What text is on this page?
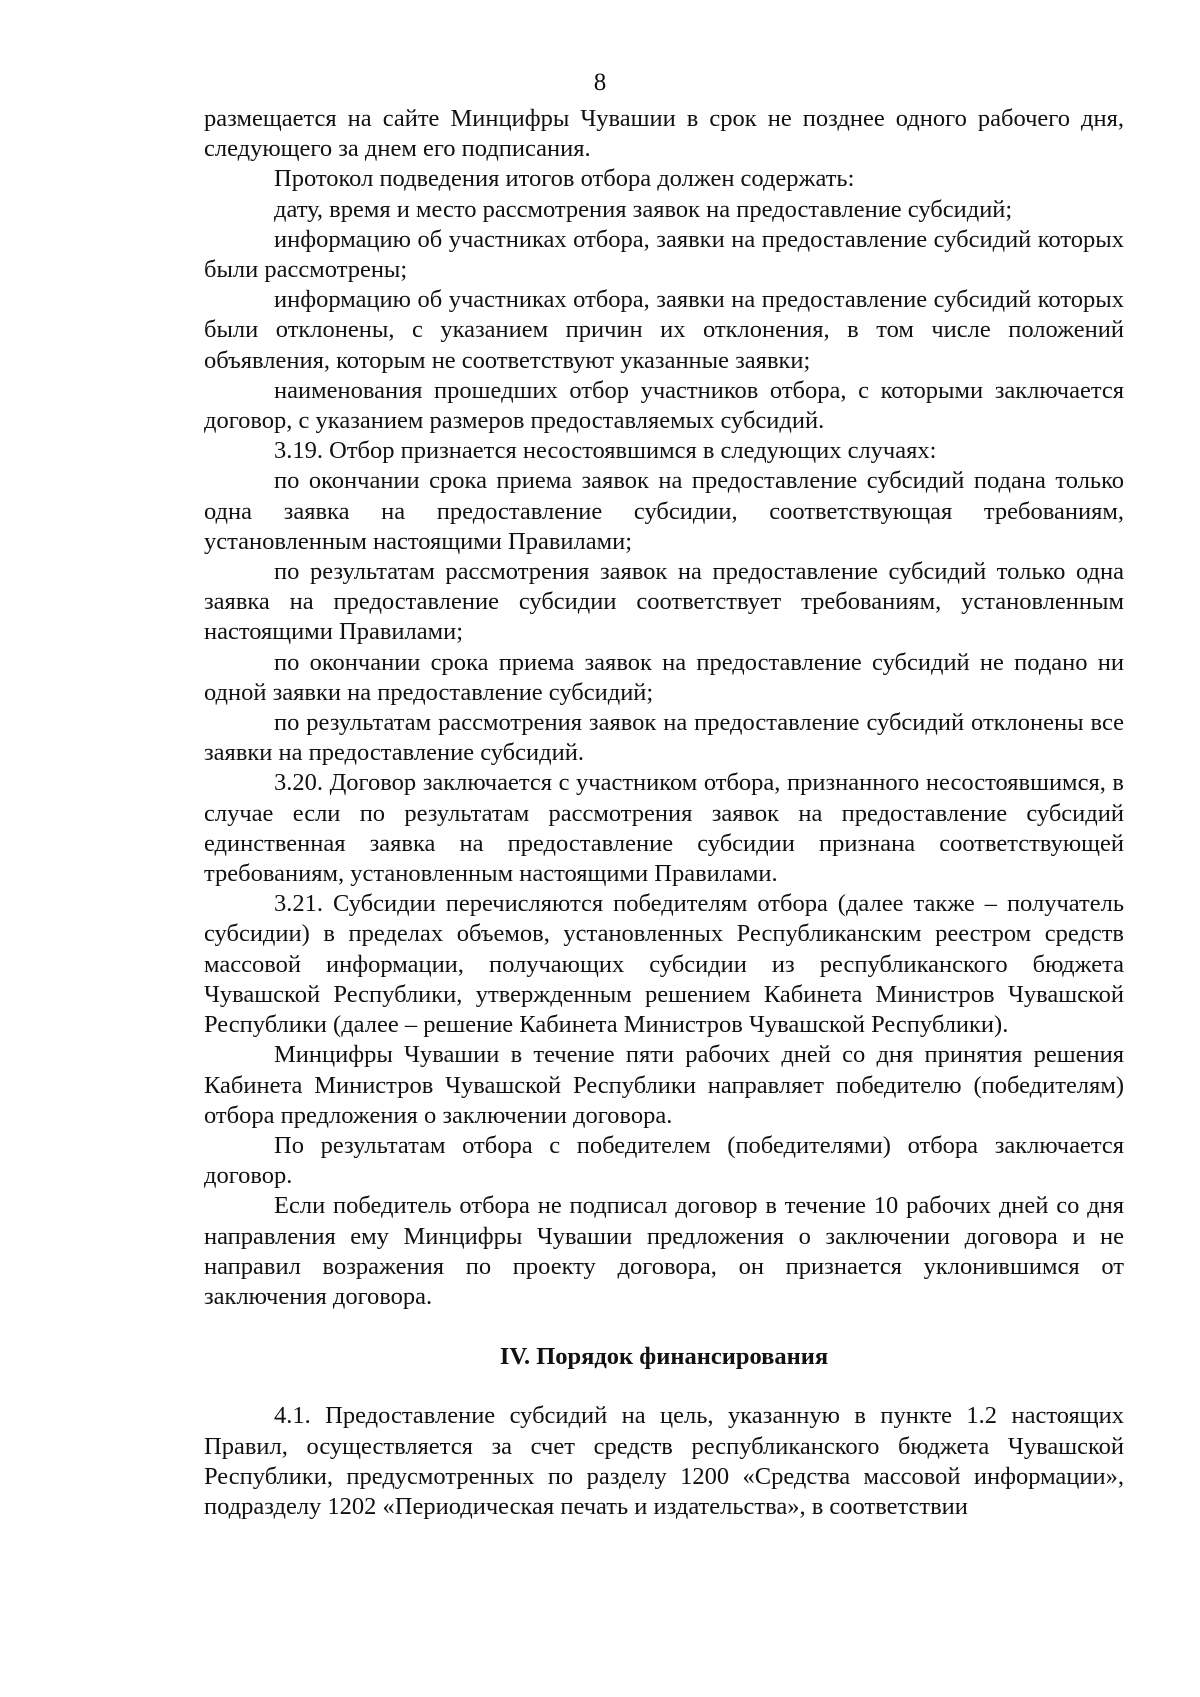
8

размещается на сайте Минцифры Чувашии в срок не позднее одного рабочего дня, следующего за днем его подписания.

Протокол подведения итогов отбора должен содержать:

дату, время и место рассмотрения заявок на предоставление субсидий;

информацию об участниках отбора, заявки на предоставление субсидий которых были рассмотрены;

информацию об участниках отбора, заявки на предоставление субсидий которых были отклонены, с указанием причин их отклонения, в том числе положений объявления, которым не соответствуют указанные заявки;

наименования прошедших отбор участников отбора, с которыми заключается договор, с указанием размеров предоставляемых субсидий.

3.19. Отбор признается несостоявшимся в следующих случаях:

по окончании срока приема заявок на предоставление субсидий подана только одна заявка на предоставление субсидии, соответствующая требованиям, установленным настоящими Правилами;

по результатам рассмотрения заявок на предоставление субсидий только одна заявка на предоставление субсидии соответствует требованиям, установленным настоящими Правилами;

по окончании срока приема заявок на предоставление субсидий не подано ни одной заявки на предоставление субсидий;

по результатам рассмотрения заявок на предоставление субсидий отклонены все заявки на предоставление субсидий.

3.20. Договор заключается с участником отбора, признанного несостоявшимся, в случае если по результатам рассмотрения заявок на предоставление субсидий единственная заявка на предоставление субсидии признана соответствующей требованиям, установленным настоящими Правилами.

3.21. Субсидии перечисляются победителям отбора (далее также – получатель субсидии) в пределах объемов, установленных Республиканским реестром средств массовой информации, получающих субсидии из республиканского бюджета Чувашской Республики, утвержденным решением Кабинета Министров Чувашской Республики (далее – решение Кабинета Министров Чувашской Республики).

Минцифры Чувашии в течение пяти рабочих дней со дня принятия решения Кабинета Министров Чувашской Республики направляет победителю (победителям) отбора предложения о заключении договора.

По результатам отбора с победителем (победителями) отбора заключается договор.

Если победитель отбора не подписал договор в течение 10 рабочих дней со дня направления ему Минцифры Чувашии предложения о заключении договора и не направил возражения по проекту договора, он признается уклонившимся от заключения договора.

IV. Порядок финансирования

4.1. Предоставление субсидий на цель, указанную в пункте 1.2 настоящих Правил, осуществляется за счет средств республиканского бюджета Чувашской Республики, предусмотренных по разделу 1200 «Средства массовой информации», подразделу 1202 «Периодическая печать и издательства», в соответствии
